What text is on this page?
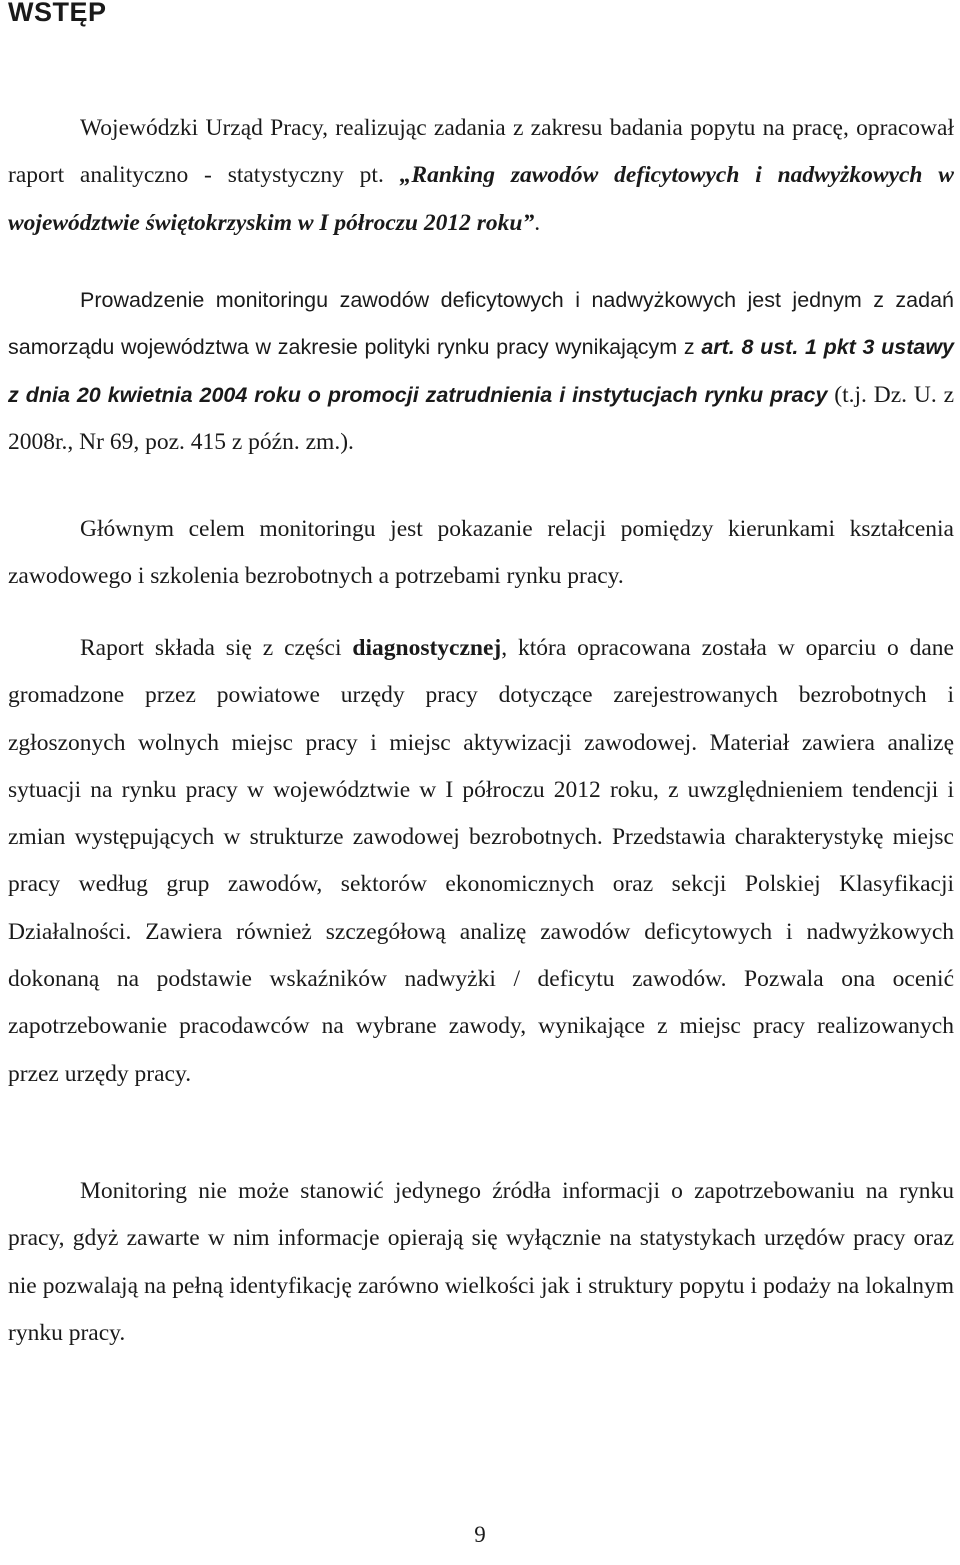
WSTĘP

Wojewódzki Urząd Pracy, realizując zadania z zakresu badania popytu na pracę, opracował raport analityczno - statystyczny pt. „Ranking zawodów deficytowych i nadwyżkowych w województwie świętokrzyskim w I półroczu 2012 roku”.

Prowadzenie monitoringu zawodów deficytowych i nadwyżkowych jest jednym z zadań samorządu województwa w zakresie polityki rynku pracy wynikającym z art. 8 ust. 1 pkt 3 ustawy z dnia 20 kwietnia 2004 roku o promocji zatrudnienia i instytucjach rynku pracy (t.j. Dz. U. z 2008r., Nr 69, poz. 415 z późn. zm.).

Głównym celem monitoringu jest pokazanie relacji pomiędzy kierunkami kształcenia zawodowego i szkolenia bezrobotnych a potrzebami rynku pracy.

Raport składa się z części diagnostycznej, która opracowana została w oparciu o dane gromadzone przez powiatowe urzędy pracy dotyczące zarejestrowanych bezrobotnych i zgłoszonych wolnych miejsc pracy i miejsc aktywizacji zawodowej. Materiał zawiera analizę sytuacji na rynku pracy w województwie w I półroczu 2012 roku, z uwzględnieniem tendencji i zmian występujących w strukturze zawodowej bezrobotnych. Przedstawia charakterystykę miejsc pracy według grup zawodów, sektorów ekonomicznych oraz sekcji Polskiej Klasyfikacji Działalności. Zawiera również szczegółową analizę zawodów deficytowych i nadwyżkowych dokonaną na podstawie wskaźników nadwyżki / deficytu zawodów. Pozwala ona ocenić zapotrzebowanie pracodawców na wybrane zawody, wynikające z miejsc pracy realizowanych przez urzędy pracy.

Monitoring nie może stanowić jedynego źródła informacji o zapotrzebowaniu na rynku pracy, gdyż zawarte w nim informacje opierają się wyłącznie na statystykach urzędów pracy oraz nie pozwalają na pełną identyfikację zarówno wielkości jak i struktury popytu i podaży na lokalnym rynku pracy.

9
